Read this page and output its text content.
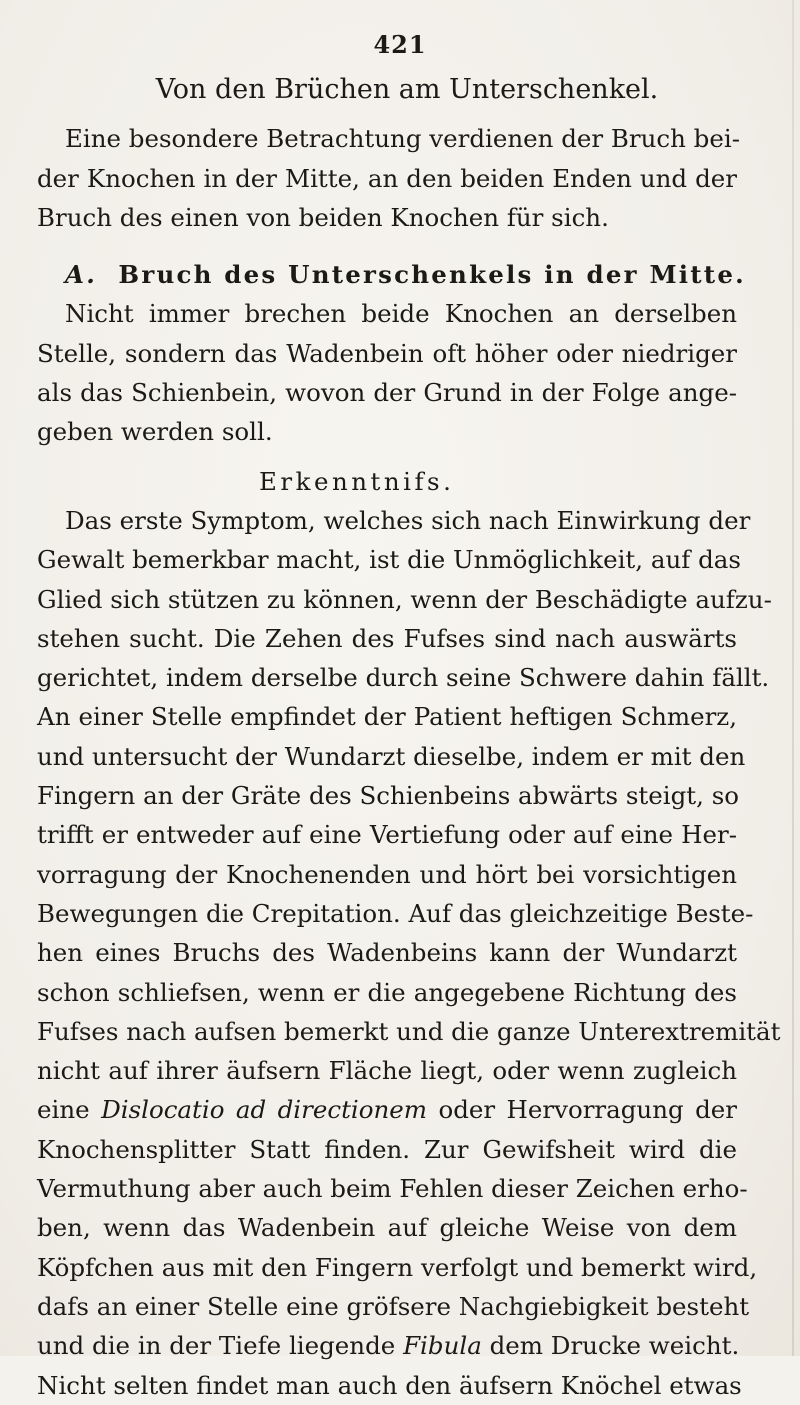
421
Von den Brüchen am Unterschenkel.
Eine besondere Betrachtung verdienen der Bruch bei-
der Knochen in der Mitte, an den beiden Enden und der
Bruch des einen von beiden Knochen für sich.
A. Bruch des Unterschenkels in der Mitte.
Nicht immer brechen beide Knochen an derselben
Stelle, sondern das Wadenbein oft höher oder niedriger
als das Schienbein, wovon der Grund in der Folge ange-
geben werden soll.
Erkenntnifs.
Das erste Symptom, welches sich nach Einwirkung der
Gewalt bemerkbar macht, ist die Unmöglichkeit, auf das
Glied sich stützen zu können, wenn der Beschädigte aufzu-
stehen sucht. Die Zehen des Fufses sind nach auswärts
gerichtet, indem derselbe durch seine Schwere dahin fällt.
An einer Stelle empfindet der Patient heftigen Schmerz,
und untersucht der Wundarzt dieselbe, indem er mit den
Fingern an der Gräte des Schienbeins abwärts steigt, so
trifft er entweder auf eine Vertiefung oder auf eine Her-
vorragung der Knochenenden und hört bei vorsichtigen
Bewegungen die Crepitation. Auf das gleichzeitige Beste-
hen eines Bruchs des Wadenbeins kann der Wundarzt
schon schliefsen, wenn er die angegebene Richtung des
Fufses nach aufsen bemerkt und die ganze Unterextremität
nicht auf ihrer äufsern Fläche liegt, oder wenn zugleich
eine Dislocatio ad directionem oder Hervorragung der
Knochensplitter Statt finden. Zur Gewifsheit wird die
Vermuthung aber auch beim Fehlen dieser Zeichen erho-
ben, wenn das Wadenbein auf gleiche Weise von dem
Köpfchen aus mit den Fingern verfolgt und bemerkt wird,
dafs an einer Stelle eine gröfsere Nachgiebigkeit besteht
und die in der Tiefe liegende Fibula dem Drucke weicht.
Nicht selten findet man auch den äufsern Knöchel etwas
